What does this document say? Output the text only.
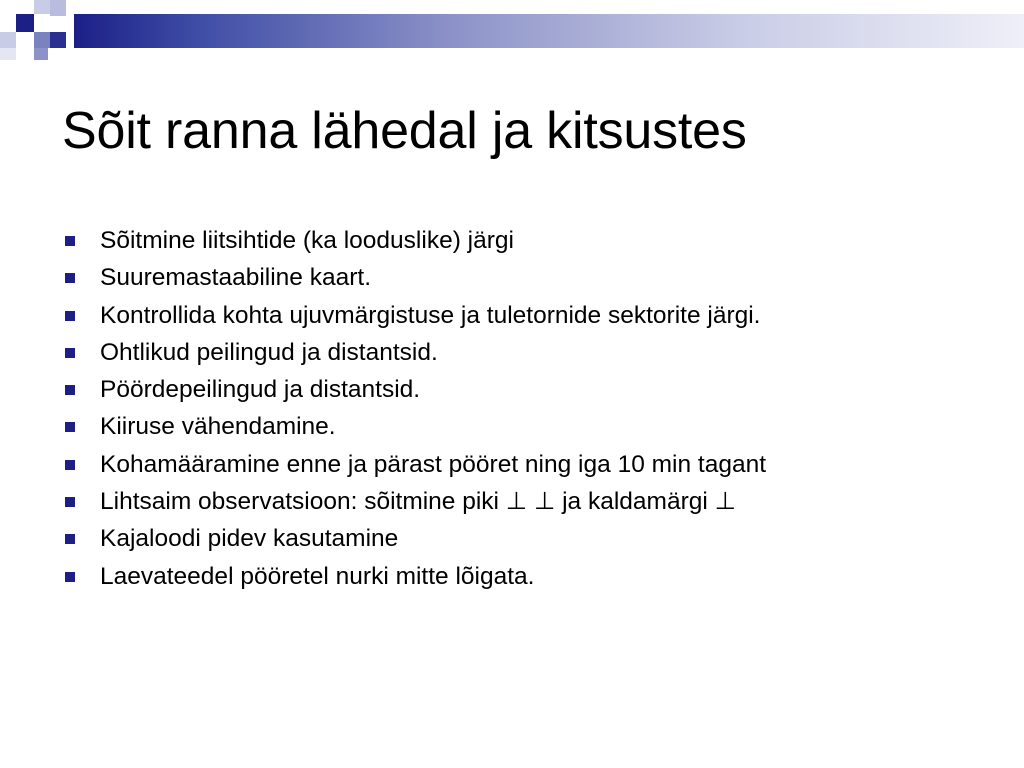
Sõit ranna lähedal ja kitsustes
Sõitmine liitsihtide (ka looduslike) järgi
Suuremastaabiline kaart.
Kontrollida kohta ujuvmärgistuse ja tuletornide sektorite järgi.
Ohtlikud peilingud ja distantsid.
Pöördepeilingud ja distantsid.
Kiiruse vähendamine.
Kohamääramine enne ja pärast pööret ning iga 10 min tagant
Lihtsaim observatsioon: sõitmine piki ⊥ ⊥ ja kaldamärgi ⊥
Kajaloodi pidev kasutamine
Laevateedel pööretel nurki mitte lõigata.
